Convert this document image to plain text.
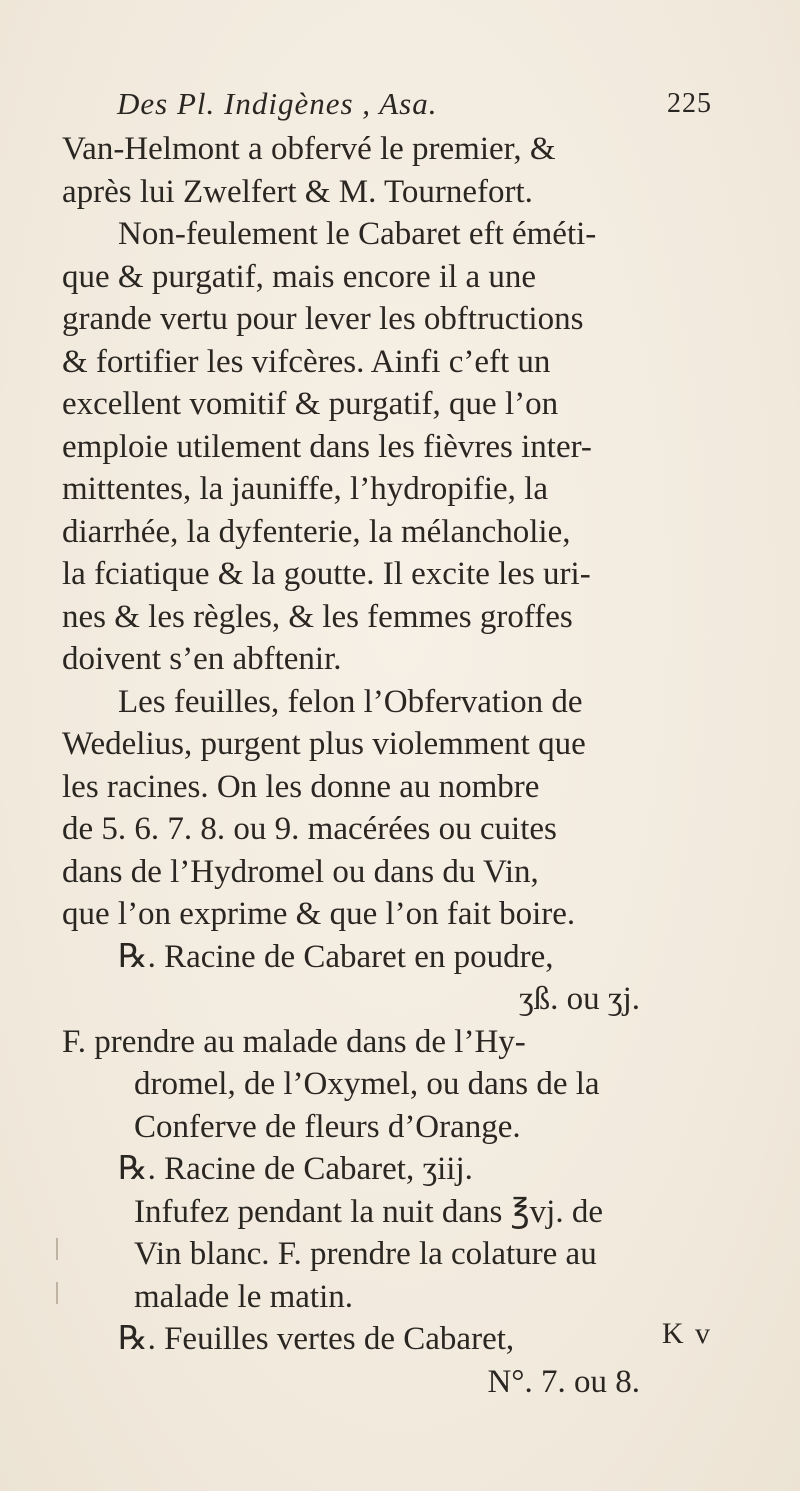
Des Pl. Indigènes , Asa.	225
Van-Helmont a obfervé le premier, &
après lui Zwelfert & M. Tournefort.
Non-feulement le Cabaret eft éméti-
que & purgatif, mais encore il a une
grande vertu pour lever les obftructions
& fortifier les vifcères. Ainfi c’eft un
excellent vomitif & purgatif, que l’on
emploie utilement dans les fièvres inter-
mittentes, la jauniffe, l’hydropifie, la
diarrhée, la dyfenterie, la mélancholie,
la fciatique & la goutte. Il excite les uri-
nes & les règles, & les femmes groffes
doivent s’en abftenir.
Les feuilles, felon l’Obfervation de
Wedelius, purgent plus violemment que
les racines. On les donne au nombre
de 5. 6. 7. 8. ou 9. macérées ou cuites
dans de l’Hydromel ou dans du Vin,
que l’on exprime & que l’on fait boire.
℞. Racine de Cabaret en poudre,
ʒß. ou ʒj.
F. prendre au malade dans de l’Hy-
dromel, de l’Oxymel, ou dans de la
Conferve de fleurs d’Orange.
℞. Racine de Cabaret, ʒiij.
Infufez pendant la nuit dans ℥vj. de
Vin blanc. F. prendre la colature au
malade le matin.
℞. Feuilles vertes de Cabaret,
N°. 7. ou 8.
K v
